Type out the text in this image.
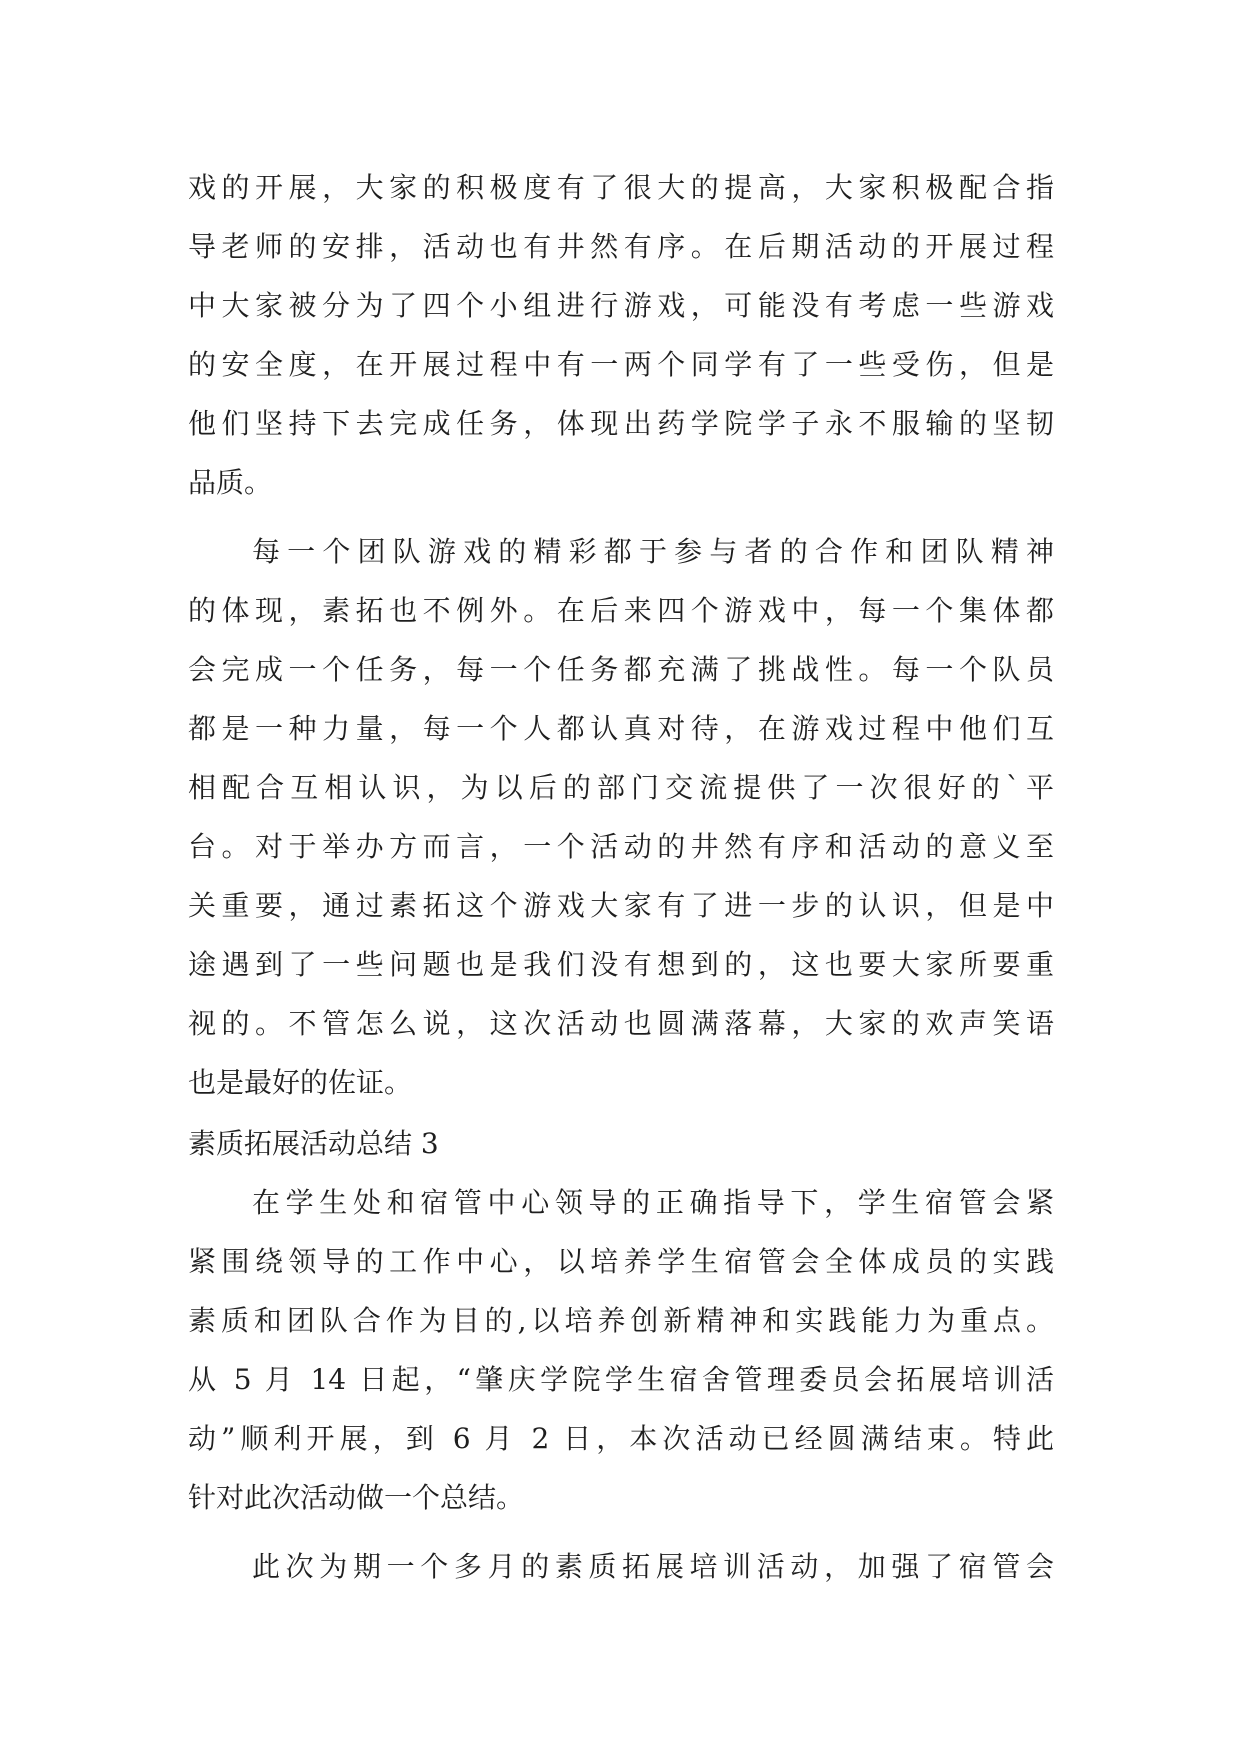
戏的开展，大家的积极度有了很大的提高，大家积极配合指
导老师的安排，活动也有井然有序。在后期活动的开展过程
中大家被分为了四个小组进行游戏，可能没有考虑一些游戏
的安全度，在开展过程中有一两个同学有了一些受伤，但是
他们坚持下去完成任务，体现出药学院学子永不服输的坚韧
品质。
每一个团队游戏的精彩都于参与者的合作和团队精神
的体现，素拓也不例外。在后来四个游戏中，每一个集体都
会完成一个任务，每一个任务都充满了挑战性。每一个队员
都是一种力量，每一个人都认真对待，在游戏过程中他们互
相配合互相认识，为以后的部门交流提供了一次很好的`平
台。对于举办方而言，一个活动的井然有序和活动的意义至
关重要，通过素拓这个游戏大家有了进一步的认识，但是中
途遇到了一些问题也是我们没有想到的，这也要大家所要重
视的。不管怎么说，这次活动也圆满落幕，大家的欢声笑语
也是最好的佐证。
素质拓展活动总结 3
在学生处和宿管中心领导的正确指导下，学生宿管会紧
紧围绕领导的工作中心，以培养学生宿管会全体成员的实践
素质和团队合作为目的,以培养创新精神和实践能力为重点。
从 5 月 14 日起，“肇庆学院学生宿舍管理委员会拓展培训活
动”顺利开展，到 6 月 2 日，本次活动已经圆满结束。特此
针对此次活动做一个总结。
此次为期一个多月的素质拓展培训活动，加强了宿管会
